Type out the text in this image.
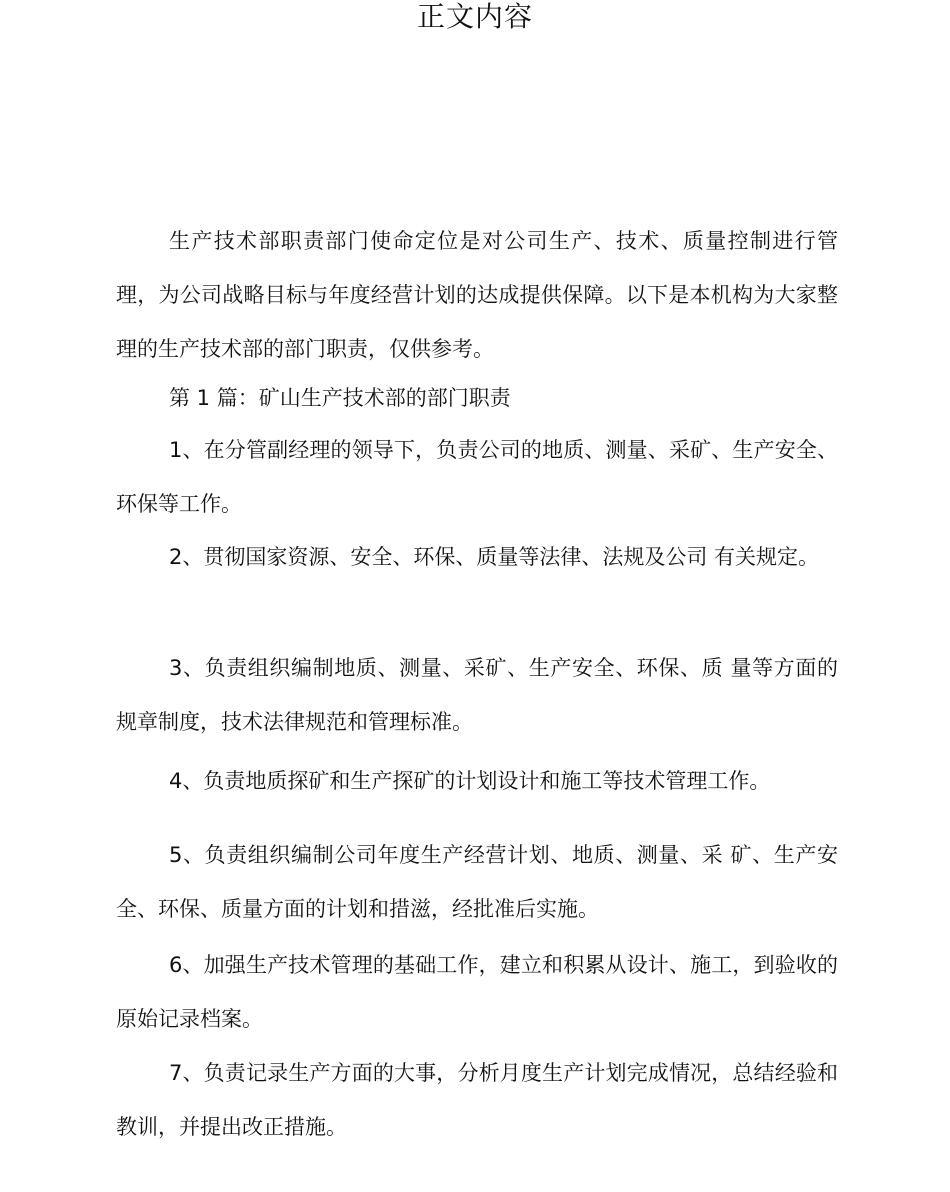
正文内容

生产技术部职责部门使命定位是对公司生产、技术、质量控制进行管理，为公司战略目标与年度经营计划的达成提供保障。以下是本机构为大家整理的生产技术部的部门职责，仅供参考。

第 1 篇：矿山生产技术部的部门职责

1、在分管副经理的领导下，负责公司的地质、测量、采矿、生产安全、环保等工作。

2、贯彻国家资源、安全、环保、质量等法律、法规及公司 有关规定。

3、负责组织编制地质、测量、采矿、生产安全、环保、质 量等方面的规章制度，技术法律规范和管理标准。

4、负责地质探矿和生产探矿的计划设计和施工等技术管理工作。

5、负责组织编制公司年度生产经营计划、地质、测量、采 矿、生产安全、环保、质量方面的计划和措滋，经批准后实施。

6、加强生产技术管理的基础工作，建立和积累从设计、施工，到验收的原始记录档案。

7、负责记录生产方面的大事，分析月度生产计划完成情况，总结经验和教训，并提出改正措施。
